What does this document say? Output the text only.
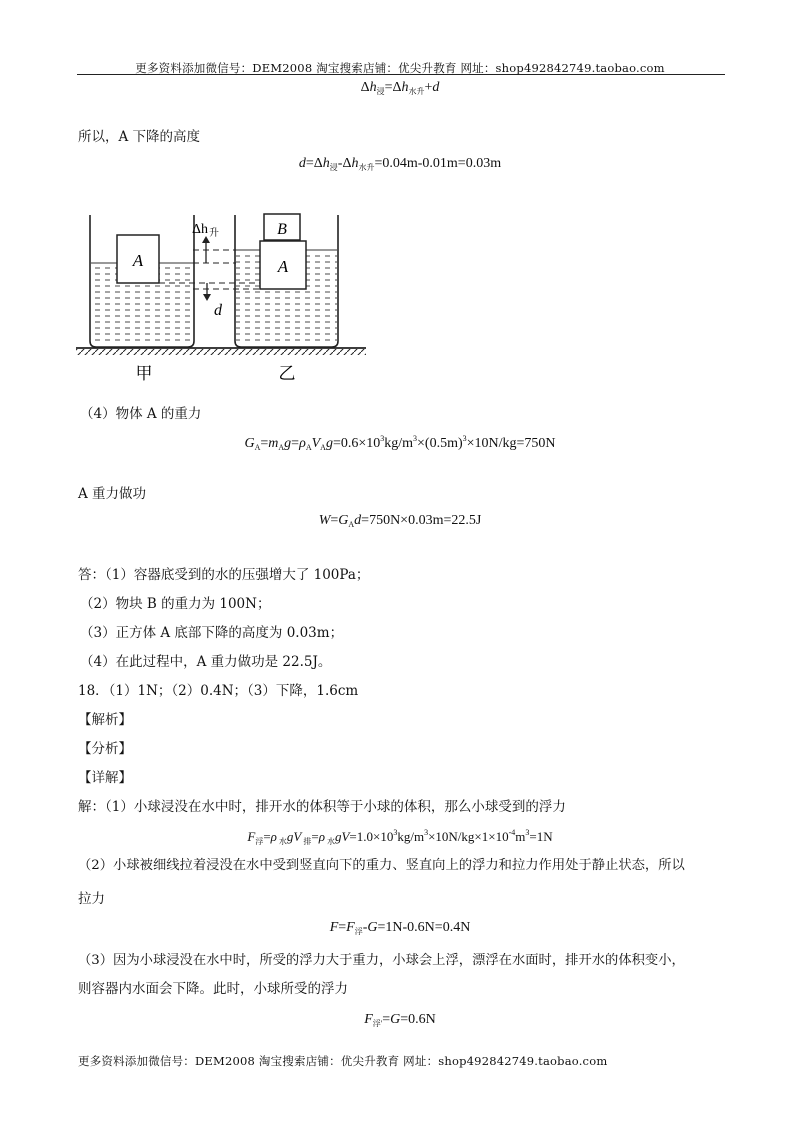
更多资料添加微信号：DEM2008 淘宝搜索店铺：优尖升教育 网址：shop492842749.taobao.com
$\Delta h_浸=\Delta h_{水升}+d$
所以，A 下降的高度
$d=\Delta h_浸-\Delta h_{水升}=0.04m-0.01m=0.03m$
A
B
A
$\Delta h_升$
d
甲	乙
（4）物体 A 的重力
$G_A=m_Ag=\rho_AV_Ag=0.6\times 10^3kg/m^3\times(0.5m)^3\times 10N/kg=750N$
A 重力做功
$W=G_Ad=750N\times 0.03m=22.5J$
答：（1）容器底受到的水的压强增大了 100Pa；
（2）物块 B 的重力为 100N；
（3）正方体 A 底部下降的高度为 0.03m；
（4）在此过程中，A 重力做功是 22.5J。
18．（1）1N；（2）0.4N；（3）下降，1.6cm
【解析】
【分析】
【详解】
解：（1）小球浸没在水中时，排开水的体积等于小球的体积，那么小球受到的浮力
$F_浮=\rho$ $_水$gV $_排$=ρ $_水gV=1.0\times 10^3kg/m^3\times 10N/kg\times 1\times 10^{-4}m^3=1N$
（2）小球被细线拉着浸没在水中受到竖直向下的重力、竖直向上的浮力和拉力作用处于静止状态，所以
拉力
$F=F_浮-G=1N-0.6N=0.4N$
（3）因为小球浸没在水中时，所受的浮力大于重力，小球会上浮，漂浮在水面时，排开水的体积变小，
则容器内水面会下降。此时，小球所受的浮力
$F_{浮'}=G=0.6N$
更多资料添加微信号：DEM2008 淘宝搜索店铺：优尖升教育 网址：shop492842749.taobao.com
